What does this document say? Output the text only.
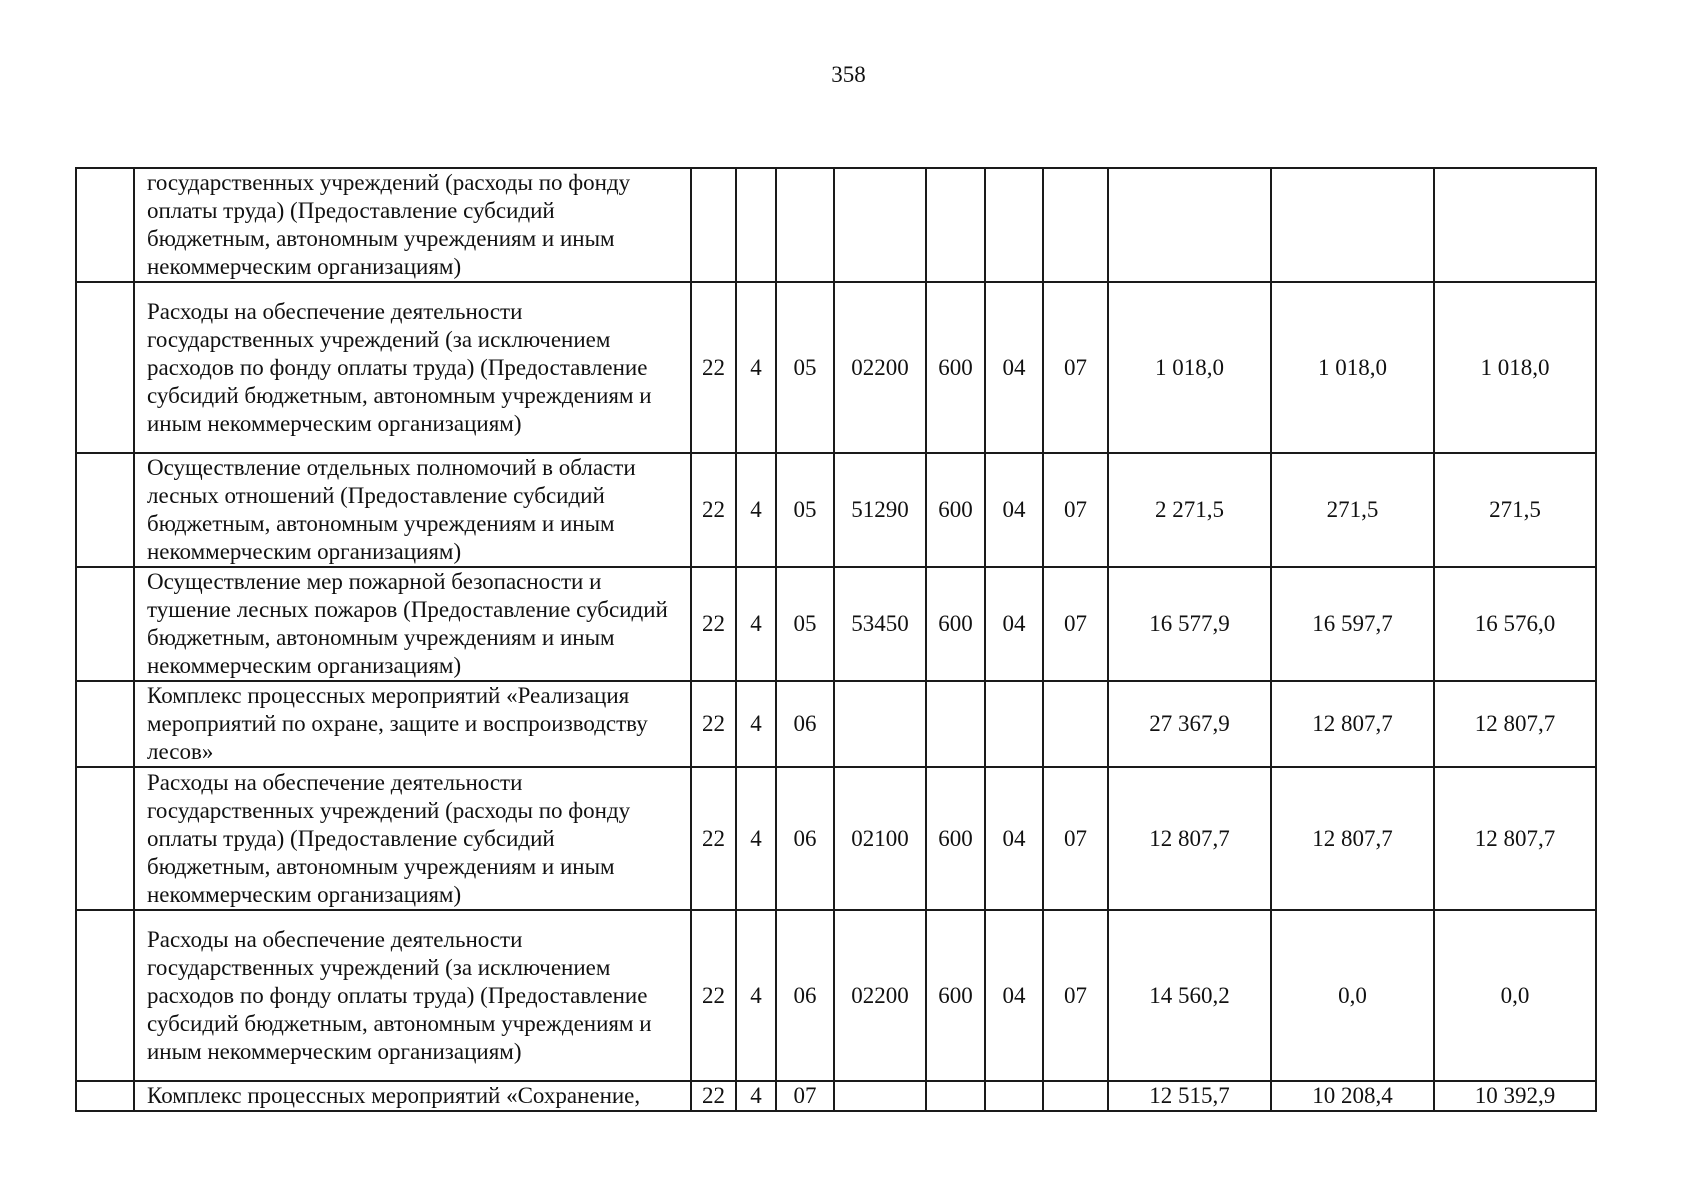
358
	государственных учреждений (расходы по фонду оплаты труда) (Предоставление субсидий бюджетным, автономным учреждениям и иным некоммерческим организациям)										
	Расходы на обеспечение деятельности государственных учреждений (за исключением расходов по фонду оплаты труда) (Предоставление субсидий бюджетным, автономным учреждениям и иным некоммерческим организациям)	22	4	05	02200	600	04	07	1 018,0	1 018,0	1 018,0
	Осуществление отдельных полномочий в области лесных отношений (Предоставление субсидий бюджетным, автономным учреждениям и иным некоммерческим организациям)	22	4	05	51290	600	04	07	2 271,5	271,5	271,5
	Осуществление мер пожарной безопасности и тушение лесных пожаров (Предоставление субсидий бюджетным, автономным учреждениям и иным некоммерческим организациям)	22	4	05	53450	600	04	07	16 577,9	16 597,7	16 576,0
	Комплекс процессных мероприятий «Реализация мероприятий по охране, защите и воспроизводству лесов»	22	4	06					27 367,9	12 807,7	12 807,7
	Расходы на обеспечение деятельности государственных учреждений (расходы по фонду оплаты труда) (Предоставление субсидий бюджетным, автономным учреждениям и иным некоммерческим организациям)	22	4	06	02100	600	04	07	12 807,7	12 807,7	12 807,7
	Расходы на обеспечение деятельности государственных учреждений (за исключением расходов по фонду оплаты труда) (Предоставление субсидий бюджетным, автономным учреждениям и иным некоммерческим организациям)	22	4	06	02200	600	04	07	14 560,2	0,0	0,0
	Комплекс процессных мероприятий «Сохранение,	22	4	07					12 515,7	10 208,4	10 392,9
